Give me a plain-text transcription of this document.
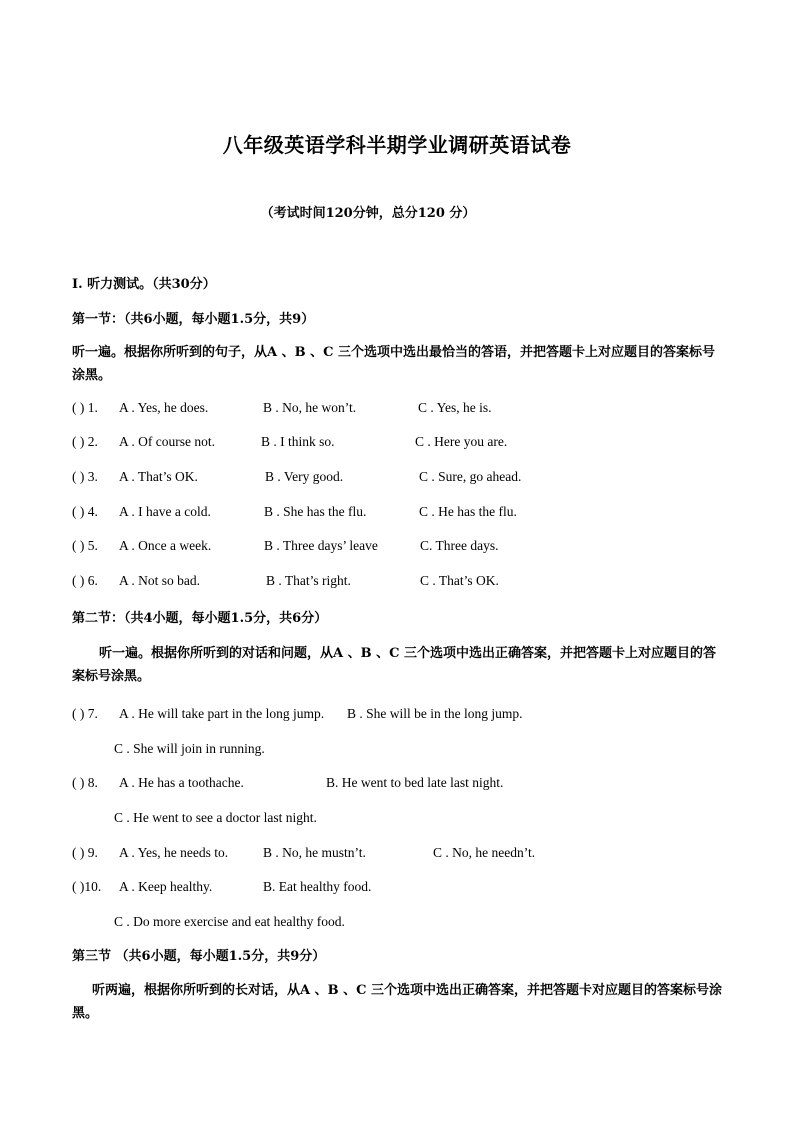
八年级英语学科半期学业调研英语试卷
（考试时间120分钟，总分120 分）
I. 听力测试。（共30分）
第一节：（共6小题，每小题1.5分，共9）
听一遍。根据你所听到的句子，从A 、B 、C 三个选项中选出最恰当的答语，并把答题卡上对应题目的答案标号涂黑。
( ) 1. A . Yes, he does.	B . No, he won’t.	C . Yes, he is.
( ) 2. A . Of course not.	B . I think so.	C . Here you are.
( ) 3. A . That’s OK.	B . Very good.	C . Sure, go ahead.
( ) 4. A . I have a cold.	B . She has the flu.	C . He has the flu.
( ) 5. A . Once a week.	B . Three days’ leave	C. Three days.
( ) 6. A . Not so bad.	B . That’s right.	C . That’s OK.
第二节：（共4小题，每小题1.5分，共6分）
听一遍。根据你所听到的对话和问题，从A 、B 、C 三个选项中选出正确答案，并把答题卡上对应题目的答案标号涂黑。
( ) 7. A . He will take part in the long jump. B . She will be in the long jump.
C . She will join in running.
( ) 8. A . He has a toothache.	B. He went to bed late last night.
C . He went to see a doctor last night.
( ) 9. A . Yes, he needs to.	B . No, he mustn’t.	C . No, he needn’t.
( )10. A . Keep healthy.	B. Eat healthy food.
C . Do more exercise and eat healthy food.
第三节 （共6小题，每小题1.5分，共9分）
听两遍，根据你所听到的长对话，从A 、B 、C 三个选项中选出正确答案，并把答题卡对应题目的答案标号涂黑。
